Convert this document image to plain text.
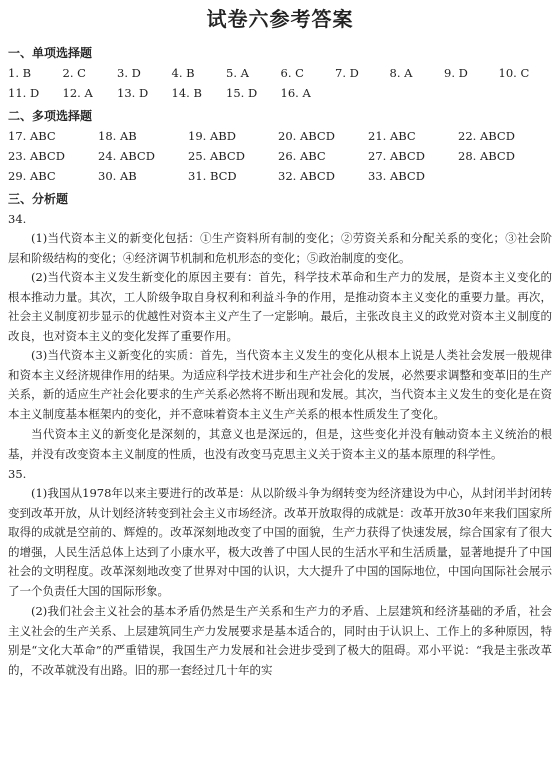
试卷六参考答案
一、单项选择题
1. B	2. C	3. D	4. B	5. A	6. C	7. D	8. A	9. D	10. C
11. D	12. A	13. D	14. B	15. D	16. A
二、多项选择题
17. ABC	18. AB	19. ABD	20. ABCD	21. ABC	22. ABCD
23. ABCD	24. ABCD	25. ABCD	26. ABC	27. ABCD	28. ABCD
29. ABC	30. AB	31. BCD	32. ABCD	33. ABCD
三、分析题
34.

(1)当代资本主义的新变化包括：①生产资料所有制的变化；②劳资关系和分配关系的变化；③社会阶层和阶级结构的变化；④经济调节机制和危机形态的变化；⑤政治制度的变化。

(2)当代资本主义发生新变化的原因主要有：首先，科学技术革命和生产力的发展，是资本主义变化的根本推动力量。其次，工人阶级争取自身权利和利益斗争的作用，是推动资本主义变化的重要力量。再次，社会主义制度初步显示的优越性对资本主义产生了一定影响。最后，主张改良主义的政党对资本主义制度的改良，也对资本主义的变化发挥了重要作用。

(3)当代资本主义新变化的实质：首先，当代资本主义发生的变化从根本上说是人类社会发展一般规律和资本主义经济规律作用的结果。为适应科学技术进步和生产社会化的发展，必然要求调整和变革旧的生产关系，新的适应生产社会化要求的生产关系必然将不断出现和发展。其次，当代资本主义发生的变化是在资本主义制度基本框架内的变化，并不意味着资本主义生产关系的根本性质发生了变化。

当代资本主义的新变化是深刻的，其意义也是深远的，但是，这些变化并没有触动资本主义统治的根基，并没有改变资本主义制度的性质，也没有改变马克思主义关于资本主义的基本原理的科学性。

35.

(1)我国从1978年以来主要进行的改革是：从以阶级斗争为纲转变为经济建设为中心，从封闭半封闭转变到改革开放，从计划经济转变到社会主义市场经济。改革开放取得的成就是：改革开放30年来我们国家所取得的成就是空前的、辉煌的。改革深刻地改变了中国的面貌，生产力获得了快速发展，综合国家有了很大的增强，人民生活总体上达到了小康水平，极大改善了中国人民的生活水平和生活质量，显著地提升了中国社会的文明程度。改革深刻地改变了世界对中国的认识，大大提升了中国的国际地位，中国向国际社会展示了一个负责任大国的国际形象。

(2)我们社会主义社会的基本矛盾仍然是生产关系和生产力的矛盾、上层建筑和经济基础的矛盾，社会主义社会的生产关系、上层建筑同生产力发展要求是基本适合的，同时由于认识上、工作上的多种原因，特别是“文化大革命”的严重错误，我国生产力发展和社会进步受到了极大的阻碍。邓小平说：“我是主张改革的，不改革就没有出路。旧的那一套经过几十年的实
